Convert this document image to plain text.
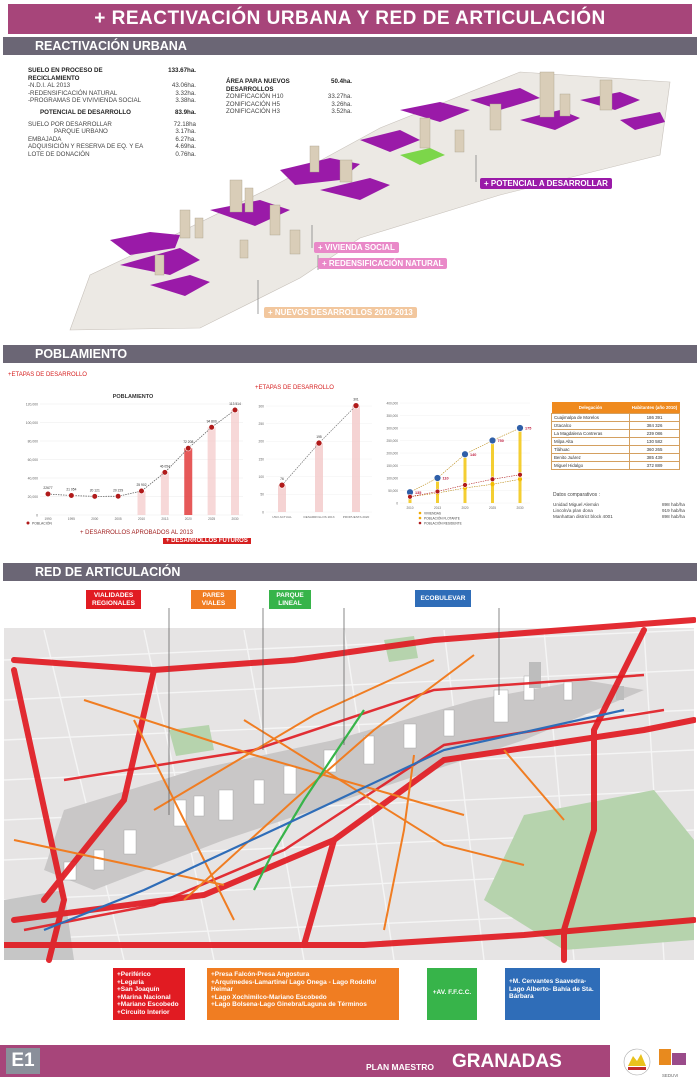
+ REACTIVACIÓN URBANA Y RED DE ARTICULACIÓN
REACTIVACIÓN URBANA
SUELO EN PROCESO DE RECICLAMIENTO
133.67ha.
-N.D.I. AL 2013	43.06ha.
-REDENSIFICACIÓN NATURAL	3.32ha.
-PROGRAMAS DE VIVIVIENDA SOCIAL	3.38ha.
POTENCIAL DE DESARROLLO	83.9ha.
SUELO POR DESARROLLAR	72.18ha
PARQUE URBANO	3.17ha.
EMBAJADA	6.27ha.
ADQUISICIÓN Y RESERVA DE EQ. Y EA	4.69ha.
LOTE DE DONACIÓN	0.76ha.
ÁREA PARA NUEVOS DESARROLLOS
50.4ha.
ZONIFICACIÓN H10	33.27ha.
ZONIFICACIÓN H5	3.26ha.
ZONIFICACIÓN H3	3.52ha.
+ POTENCIAL A DESARROLLAR
+ VIVIENDA SOCIAL
+ REDENSIFICACIÓN NATURAL
+ NUEVOS DESARROLLOS 2010-2013
POBLAMIENTO
+ETAPAS DE DESARROLLO
+ETAPAS DE DESARROLLO
POBLAMIENTO
0
20,000
40,000
60,000
80,000
100,000
120,000
22677
1990
21 054
1995
20 121
2000
20 229
2005
25 902
2010
46 054
2013
72 208
2020
94 800
2025
113 514
2030
POBLACIÓN
+ DESARROLLOS APROBADOS AL 2013
+ DESARROLLOS FUTUROS
0
50
100
150
200
250
300
76
USO ACTUAL
195
DESARROLLOS 2013
301
PROPUESTA 2020
0
50,000
100,000
150,000
200,000
250,000
300,000
350,000
400,000
2010	2013	2020	2025	2030
135
110
140
750
175
VIVIENDAS
POBLACIÓN FLOTANTE
POBLACIÓN RESIDENTE
Delegación	Habitantes (año 2010)
Cuajimalpa de Morelos	186 391
Iztacalco	384 326
La Magdalena Contreras	239 086
Milpa Alta	130 582
Tláhuac	360 265
Benito Juárez	385 439
Miguel Hidalgo	372 889
Datos comparativos :
Unidad Miguel Alemán	898 hab/ha
Lincoln/a plan dona	919 hab/ha
Manhattan district block 4001	898 hab/ha
RED DE ARTICULACIÓN
VIALIDADES REGIONALES
PARES VIALES
PARQUE LINEAL
ECOBULEVAR
+Periférico
+Legaria
+San Joaquín
+Marina Nacional
+Mariano Escobedo
+Circuito Interior
+Presa Falcón-Presa Angostura
+Arquímedes-Lamartine/ Lago Onega - Lago Rodolfo/ Heimar
+Lago Xochimilco-Mariano Escobedo
+Lago Bolsena-Lago Ginebra/Laguna de Términos
+AV. F.F.C.C.
+M. Cervantes Saavedra- Lago Alberto- Bahía de Sta. Bárbara
E1	PLAN MAESTRO GRANADAS
SEDUVI
